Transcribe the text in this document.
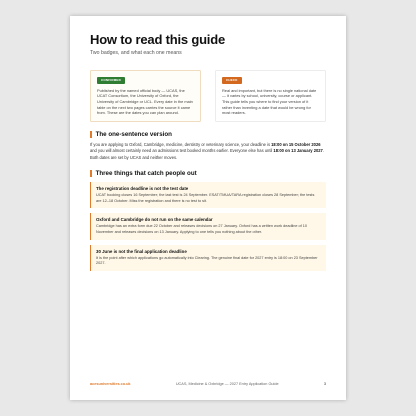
How to read this guide
Two badges, and what each one means
CONFIRMED
Published by the named official body — UCAS, the UCAT Consortium, the University of Oxford, the University of Cambridge or UCL. Every date in the main table on the next two pages carries the source it came from. These are the dates you can plan around.
CHECK
Real and important, but there is no single national date — it varies by school, university, course or applicant. This guide tells you where to find your version of it rather than inventing a date that would be wrong for most readers.
The one-sentence version
If you are applying to Oxford, Cambridge, medicine, dentistry or veterinary science, your deadline is 18:00 on 15 October 2026 and you will almost certainly need an admissions test booked months earlier. Everyone else has until 18:00 on 13 January 2027. Both dates are set by UCAS and neither moves.
Three things that catch people out
The registration deadline is not the test date
UCAT booking closes 16 September; the last test is 24 September. ESAT/TMUA/TARA registration closes 28 September; the tests are 12–18 October. Miss the registration and there is no test to sit.
Oxford and Cambridge do not run on the same calendar
Cambridge has an extra form due 22 October and releases decisions on 27 January. Oxford has a written work deadline of 10 November and releases decisions on 13 January. Applying to one tells you nothing about the other.
30 June is not the final application deadline
It is the point after which applications go automatically into Clearing. The genuine final date for 2027 entry is 18:00 on 23 September 2027.
acesuniversities.co.uk	UCAS, Medicine & Oxbridge — 2027 Entry Application Guide	3
